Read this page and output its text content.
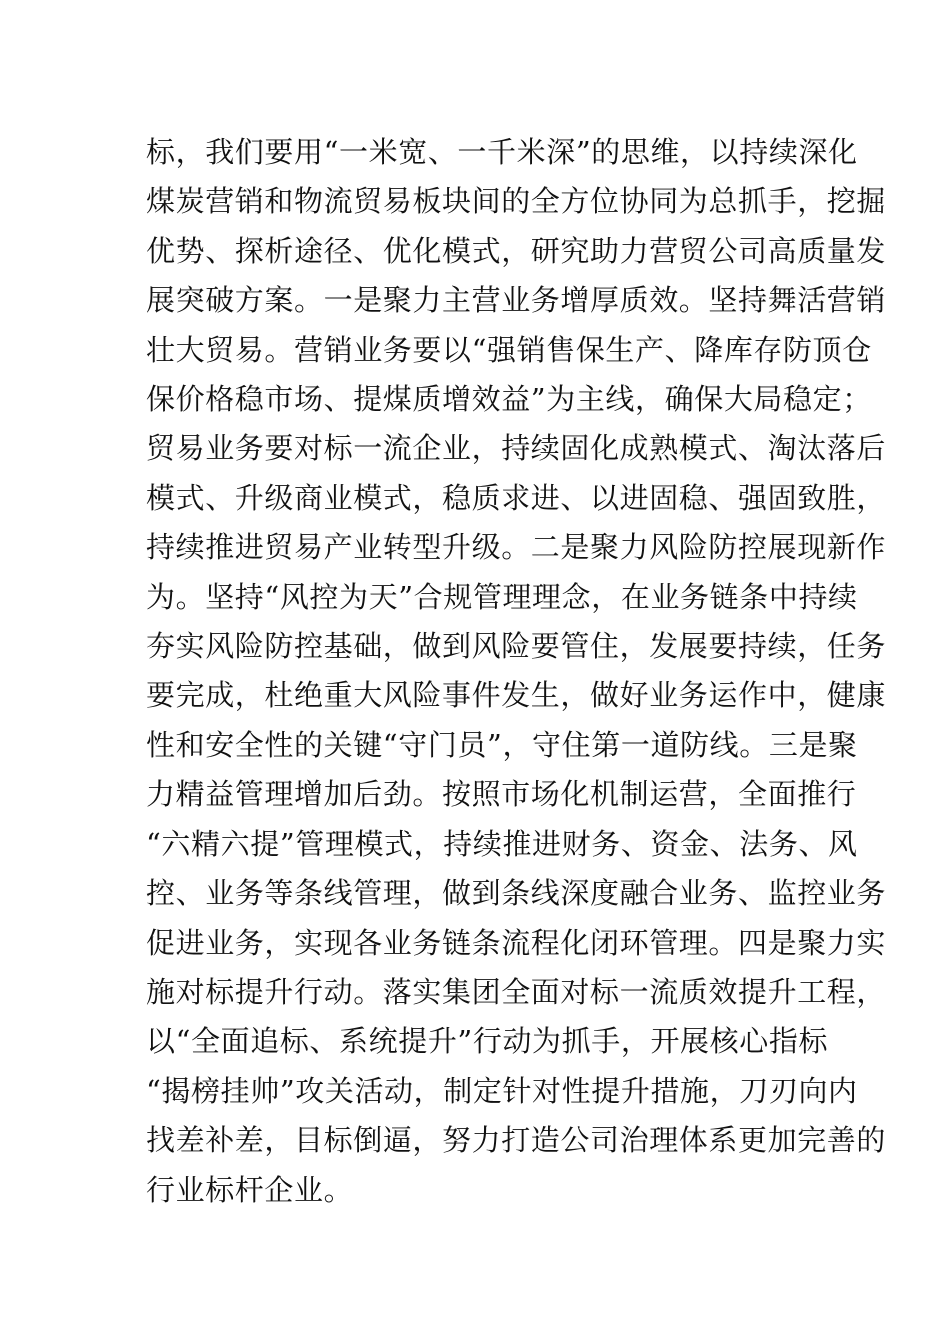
标，我们要用“一米宽、一千米深”的思维，以持续深化
煤炭营销和物流贸易板块间的全方位协同为总抓手，挖掘
优势、探析途径、优化模式，研究助力营贸公司高质量发
展突破方案。一是聚力主营业务增厚质效。坚持舞活营销
壮大贸易。营销业务要以“强销售保生产、降库存防顶仓
保价格稳市场、提煤质增效益”为主线，确保大局稳定；
贸易业务要对标一流企业，持续固化成熟模式、淘汰落后
模式、升级商业模式，稳质求进、以进固稳、强固致胜，
持续推进贸易产业转型升级。二是聚力风险防控展现新作
为。坚持“风控为天”合规管理理念，在业务链条中持续
夯实风险防控基础，做到风险要管住，发展要持续，任务
要完成，杜绝重大风险事件发生，做好业务运作中，健康
性和安全性的关键“守门员”，守住第一道防线。三是聚
力精益管理增加后劲。按照市场化机制运营，全面推行
“六精六提”管理模式，持续推进财务、资金、法务、风
控、业务等条线管理，做到条线深度融合业务、监控业务
促进业务，实现各业务链条流程化闭环管理。四是聚力实
施对标提升行动。落实集团全面对标一流质效提升工程，
以“全面追标、系统提升”行动为抓手，开展核心指标
“揭榜挂帅”攻关活动，制定针对性提升措施，刀刃向内
找差补差，目标倒逼，努力打造公司治理体系更加完善的
行业标杆企业。
